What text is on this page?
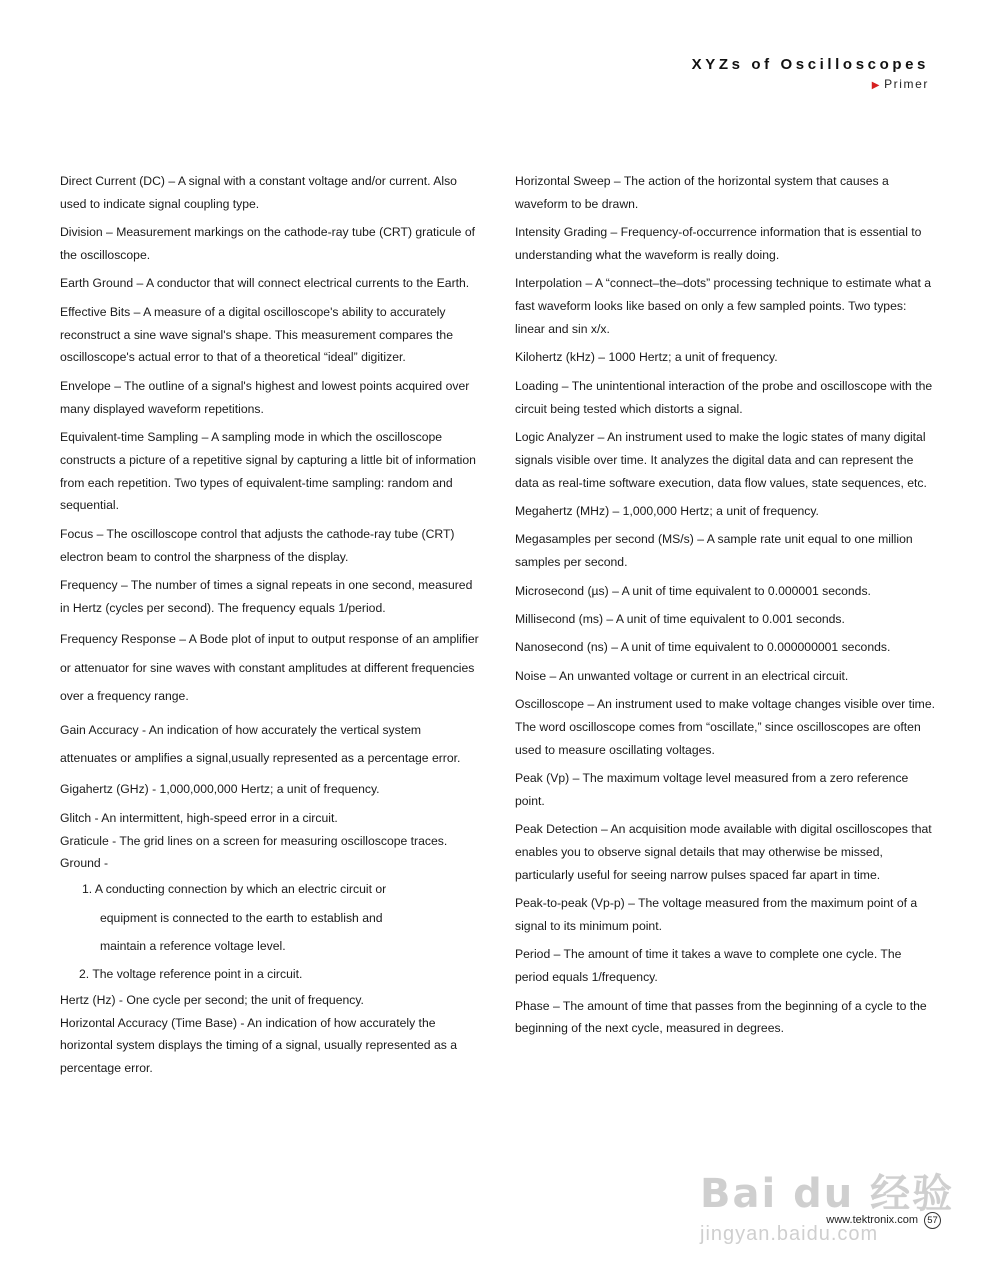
XYZs of Oscilloscopes
▶ Primer

Direct Current (DC) – A signal with a constant voltage and/or current. Also used to indicate signal coupling type.

Division – Measurement markings on the cathode-ray tube (CRT) graticule of the oscilloscope.

Earth Ground – A conductor that will connect electrical currents to the Earth.

Effective Bits – A measure of a digital oscilloscope's ability to accurately reconstruct a sine wave signal's shape. This measurement compares the oscilloscope's actual error to that of a theoretical “ideal” digitizer.

Envelope – The outline of a signal's highest and lowest points acquired over many displayed waveform repetitions.

Equivalent-time Sampling – A sampling mode in which the oscilloscope constructs a picture of a repetitive signal by capturing a little bit of information from each repetition. Two types of equivalent-time sampling: random and sequential.

Focus – The oscilloscope control that adjusts the cathode-ray tube (CRT) electron beam to control the sharpness of the display.

Frequency – The number of times a signal repeats in one second, measured in Hertz (cycles per second). The frequency equals 1/period.

Frequency Response – A Bode plot of input to output response of an amplifier or attenuator for sine waves with constant amplitudes at different frequencies over a frequency range.

Gain Accuracy - An indication of how accurately the vertical system attenuates or amplifies a signal,usually represented as a percentage error.

Gigahertz (GHz) - 1,000,000,000 Hertz; a unit of frequency.

Glitch - An intermittent, high-speed error in a circuit.

Graticule - The grid lines on a screen for measuring oscilloscope traces.

Ground -

1. A conducting connection by which an electric circuit or
equipment is connected to the earth to establish and
maintain a reference voltage level.
2. The voltage reference point in a circuit.

Hertz (Hz) - One cycle per second; the unit of frequency.

Horizontal Accuracy (Time Base) - An indication of how accurately the horizontal system displays the timing of a signal, usually represented as a percentage error.

Horizontal Sweep – The action of the horizontal system that causes a waveform to be drawn.

Intensity Grading – Frequency-of-occurrence information that is essential to understanding what the waveform is really doing.

Interpolation – A “connect–the–dots” processing technique to estimate what a fast waveform looks like based on only a few sampled points. Two types: linear and sin x/x.

Kilohertz (kHz) – 1000 Hertz; a unit of frequency.

Loading – The unintentional interaction of the probe and oscilloscope with the circuit being tested which distorts a signal.

Logic Analyzer – An instrument used to make the logic states of many digital signals visible over time. It analyzes the digital data and can represent the data as real-time software execution, data flow values, state sequences, etc.

Megahertz (MHz) – 1,000,000 Hertz; a unit of frequency.

Megasamples per second (MS/s) – A sample rate unit equal to one million samples per second.

Microsecond (µs) – A unit of time equivalent to 0.000001 seconds.

Millisecond (ms) – A unit of time equivalent to 0.001 seconds.

Nanosecond (ns) – A unit of time equivalent to 0.000000001 seconds.

Noise – An unwanted voltage or current in an electrical circuit.

Oscilloscope – An instrument used to make voltage changes visible over time. The word oscilloscope comes from “oscillate,” since oscilloscopes are often used to measure oscillating voltages.

Peak (Vp) – The maximum voltage level measured from a zero reference point.

Peak Detection – An acquisition mode available with digital oscilloscopes that enables you to observe signal details that may otherwise be missed, particularly useful for seeing narrow pulses spaced far apart in time.

Peak-to-peak (Vp-p) – The voltage measured from the maximum point of a signal to its minimum point.

Period – The amount of time it takes a wave to complete one cycle. The period equals 1/frequency.

Phase – The amount of time that passes from the beginning of a cycle to the beginning of the next cycle, measured in degrees.

Bai du 经验
jingyan.baidu.com
www.tektronix.com 57
